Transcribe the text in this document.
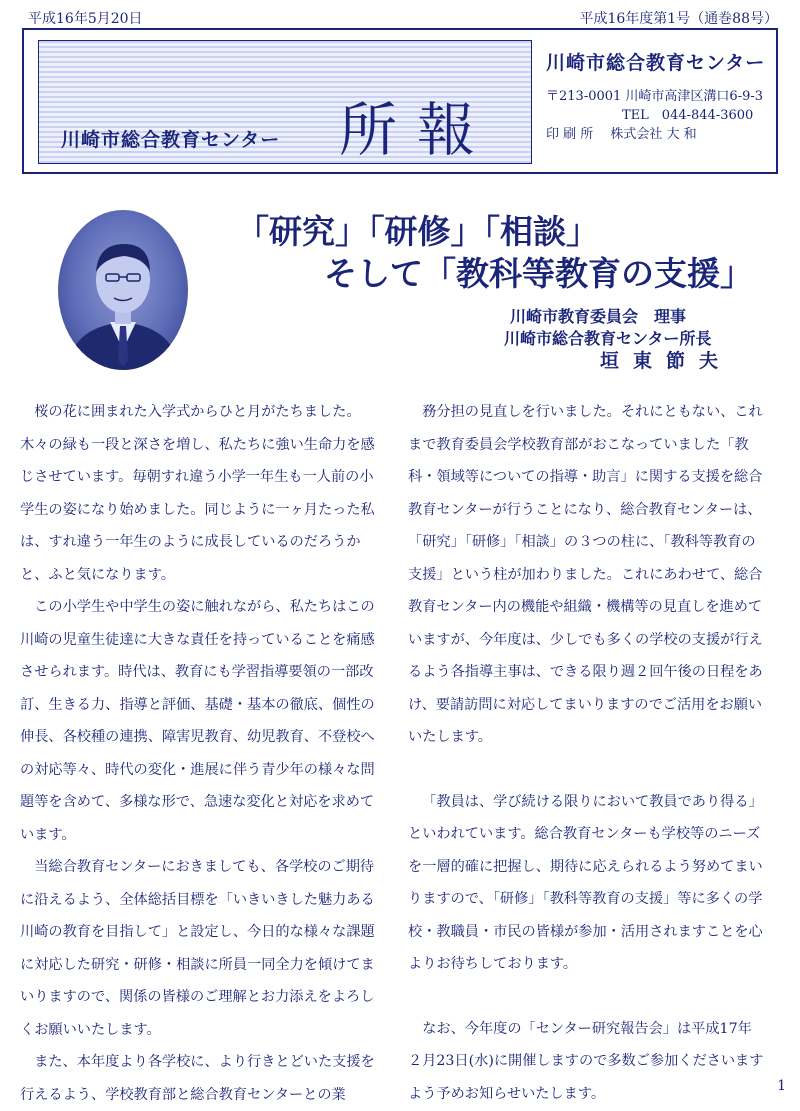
平成16年5月20日	平成16年度第1号（通巻88号）
川崎市総合教育センター 所報
川崎市総合教育センター
〒213-0001 川崎市高津区溝口6-9-3
TEL　044-844-3600
印 刷 所　 株式会社 大 和
「研究」「研修」「相談」
そして「教科等教育の支援」
川崎市教育委員会　理事
川崎市総合教育センター所長
垣東節夫

桜の花に囲まれた入学式からひと月がたちました。木々の緑も一段と深さを増し、私たちに強い生命力を感じさせています。毎朝すれ違う小学一年生も一人前の小学生の姿になり始めました。同じように一ヶ月たった私は、すれ違う一年生のように成長しているのだろうかと、ふと気になります。

この小学生や中学生の姿に触れながら、私たちはこの川崎の児童生徒達に大きな責任を持っていることを痛感させられます。時代は、教育にも学習指導要領の一部改訂、生きる力、指導と評価、基礎・基本の徹底、個性の伸長、各校種の連携、障害児教育、幼児教育、不登校への対応等々、時代の変化・進展に伴う青少年の様々な問題等を含めて、多様な形で、急速な変化と対応を求めています。

当総合教育センターにおきましても、各学校のご期待に沿えるよう、全体総括目標を「いきいきした魅力ある川崎の教育を目指して」と設定し、今日的な様々な課題に対応した研究・研修・相談に所員一同全力を傾けてまいりますので、関係の皆様のご理解とお力添えをよろしくお願いいたします。

また、本年度より各学校に、より行きとどいた支援を行えるよう、学校教育部と総合教育センターとの業

務分担の見直しを行いました。それにともない、これまで教育委員会学校教育部がおこなっていました「教科・領域等についての指導・助言」に関する支援を総合教育センターが行うことになり、総合教育センターは、「研究」「研修」「相談」の３つの柱に、「教科等教育の支援」という柱が加わりました。これにあわせて、総合教育センター内の機能や組織・機構等の見直しを進めていますが、今年度は、少しでも多くの学校の支援が行えるよう各指導主事は、できる限り週２回午後の日程をあけ、要請訪問に対応してまいりますのでご活用をお願いいたします。

「教員は、学び続ける限りにおいて教員であり得る」といわれています。総合教育センターも学校等のニーズを一層的確に把握し、期待に応えられるよう努めてまいりますので、「研修」「教科等教育の支援」等に多くの学校・教職員・市民の皆様が参加・活用されますことを心よりお待ちしております。

なお、今年度の「センター研究報告会」は平成17年２月23日(水)に開催しますので多数ご参加くださいますよう予めお知らせいたします。	1
